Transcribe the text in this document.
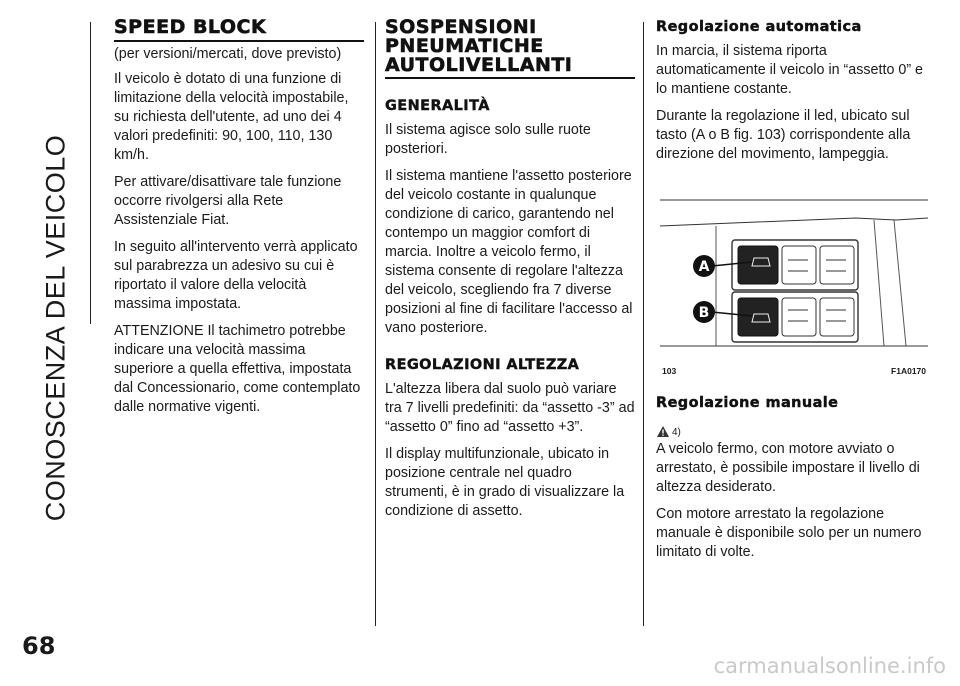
CONOSCENZA DEL VEICOLO
68
SPEED BLOCK

(per versioni/mercati, dove previsto)

Il veicolo è dotato di una funzione di limitazione della velocità impostabile, su richiesta dell'utente, ad uno dei 4 valori predefiniti: 90, 100, 110, 130 km/h.

Per attivare/disattivare tale funzione occorre rivolgersi alla Rete Assistenziale Fiat.

In seguito all'intervento verrà applicato sul parabrezza un adesivo su cui è riportato il valore della velocità massima impostata.

ATTENZIONE Il tachimetro potrebbe indicare una velocità massima superiore a quella effettiva, impostata dal Concessionario, come contemplato dalle normative vigenti.

SOSPENSIONI PNEUMATICHE AUTOLIVELLANTI
GENERALITÀ

Il sistema agisce solo sulle ruote posteriori.

Il sistema mantiene l'assetto posteriore del veicolo costante in qualunque condizione di carico, garantendo nel contempo un maggior comfort di marcia. Inoltre a veicolo fermo, il sistema consente di regolare l'altezza del veicolo, scegliendo fra 7 diverse posizioni al fine di facilitare l'accesso al vano posteriore.

REGOLAZIONI ALTEZZA

L'altezza libera dal suolo può variare tra 7 livelli predefiniti: da “assetto -3” ad “assetto 0” fino ad “assetto +3”.

Il display multifunzionale, ubicato in posizione centrale nel quadro strumenti, è in grado di visualizzare la condizione di assetto.

Regolazione automatica

In marcia, il sistema riporta automaticamente il veicolo in “assetto 0” e lo mantiene costante.

Durante la regolazione il led, ubicato sul tasto (A o B fig. 103) corrispondente alla direzione del movimento, lampeggia.

A
B
103	F1A0170
Regolazione manuale
4)

A veicolo fermo, con motore avviato o arrestato, è possibile impostare il livello di altezza desiderato.

Con motore arrestato la regolazione manuale è disponibile solo per un numero limitato di volte.

carmanualsonline.info
